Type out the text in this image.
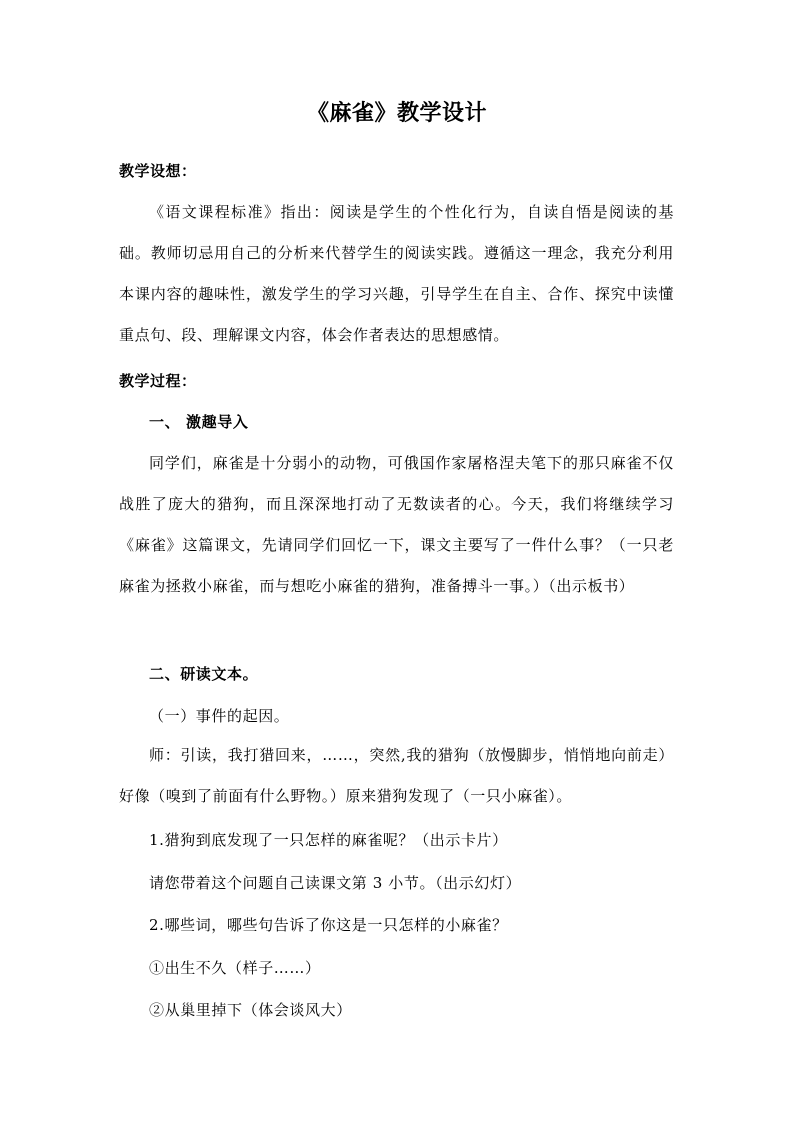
《麻雀》教学设计
教学设想：
《语文课程标准》指出：阅读是学生的个性化行为，自读自悟是阅读的基础。教师切忌用自己的分析来代替学生的阅读实践。遵循这一理念，我充分利用本课内容的趣味性，激发学生的学习兴趣，引导学生在自主、合作、探究中读懂重点句、段、理解课文内容，体会作者表达的思想感情。
教学过程：
一、 激趣导入
同学们，麻雀是十分弱小的动物，可俄国作家屠格涅夫笔下的那只麻雀不仅战胜了庞大的猎狗，而且深深地打动了无数读者的心。今天，我们将继续学习《麻雀》这篇课文，先请同学们回忆一下，课文主要写了一件什么事？（一只老麻雀为拯救小麻雀，而与想吃小麻雀的猎狗，准备搏斗一事。）（出示板书）
二、研读文本。
（一）事件的起因。
师：引读，我打猎回来，……，突然,我的猎狗（放慢脚步，悄悄地向前走）好像（嗅到了前面有什么野物。）原来猎狗发现了（一只小麻雀）。
1.猎狗到底发现了一只怎样的麻雀呢？（出示卡片）
请您带着这个问题自己读课文第 3 小节。（出示幻灯）
2.哪些词，哪些句告诉了你这是一只怎样的小麻雀？
①出生不久（样子……）
②从巢里掉下（体会谈风大）
